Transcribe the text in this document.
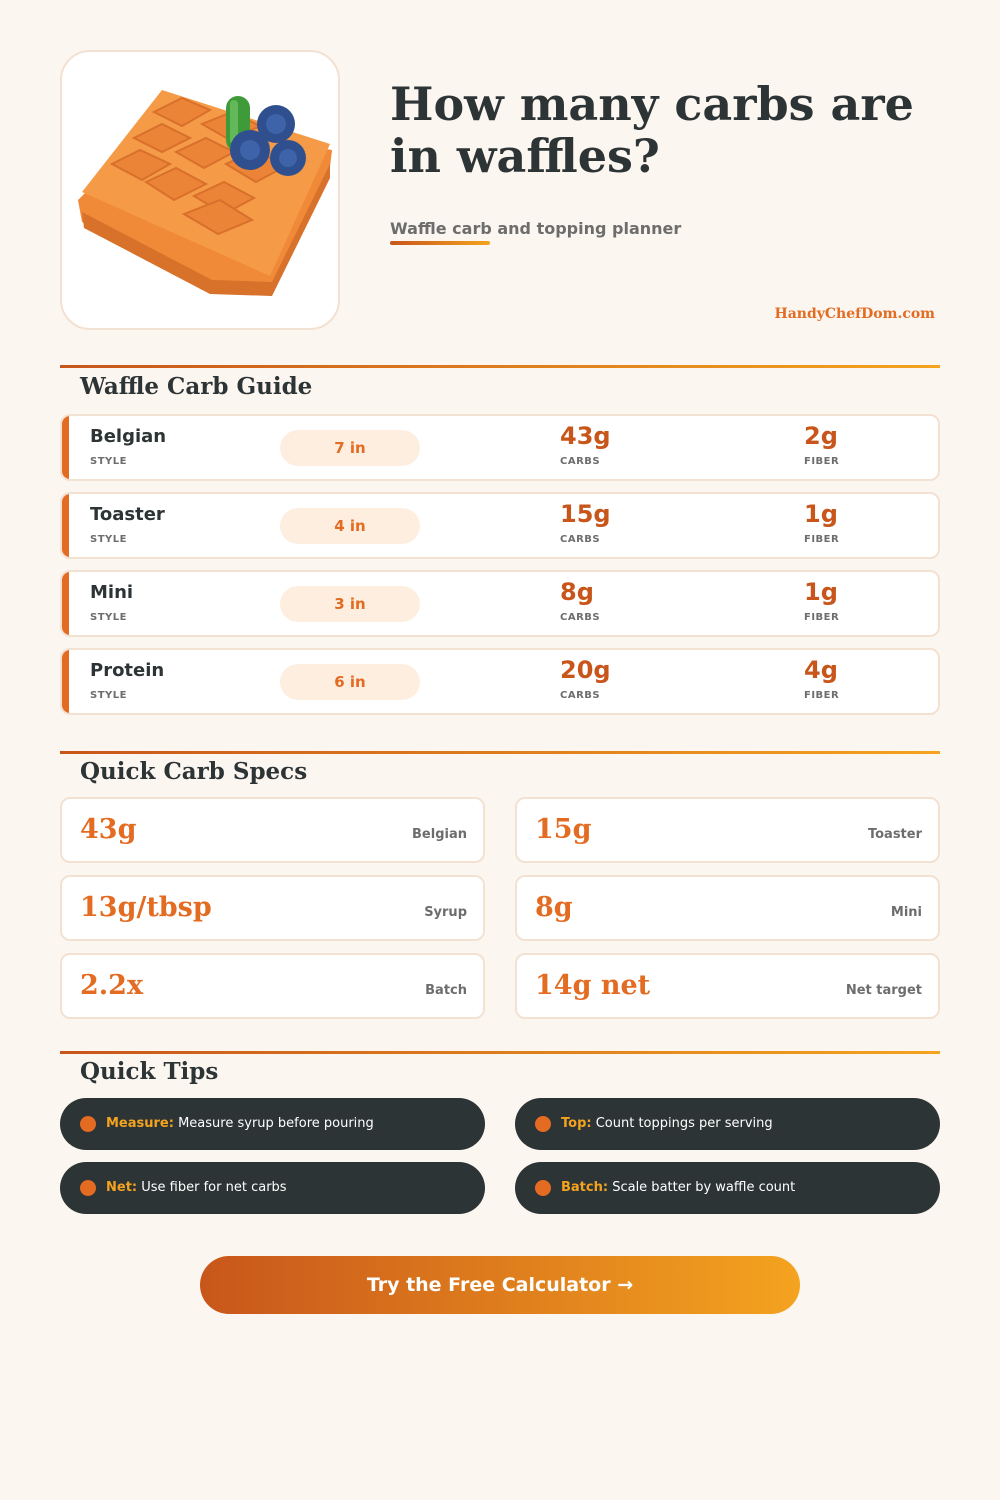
How many carbs are in waffles?
Waffle carb and topping planner
HandyChefDom.com
Waffle Carb Guide
Belgian
STYLE
7 in	43g
CARBS
2g
FIBER
Toaster
STYLE
4 in	15g
CARBS
1g
FIBER
Mini
STYLE
3 in	8g
CARBS
1g
FIBER
Protein
STYLE
6 in	20g
CARBS
4g
FIBER
Quick Carb Specs
43g	Belgian	15g	Toaster
13g/tbsp	Syrup	8g	Mini
2.2x	Batch	14g net	Net target
Quick Tips
Measure: Measure syrup before pouring	Top: Count toppings per serving
Net: Use fiber for net carbs	Batch: Scale batter by waffle count
Try the Free Calculator →
